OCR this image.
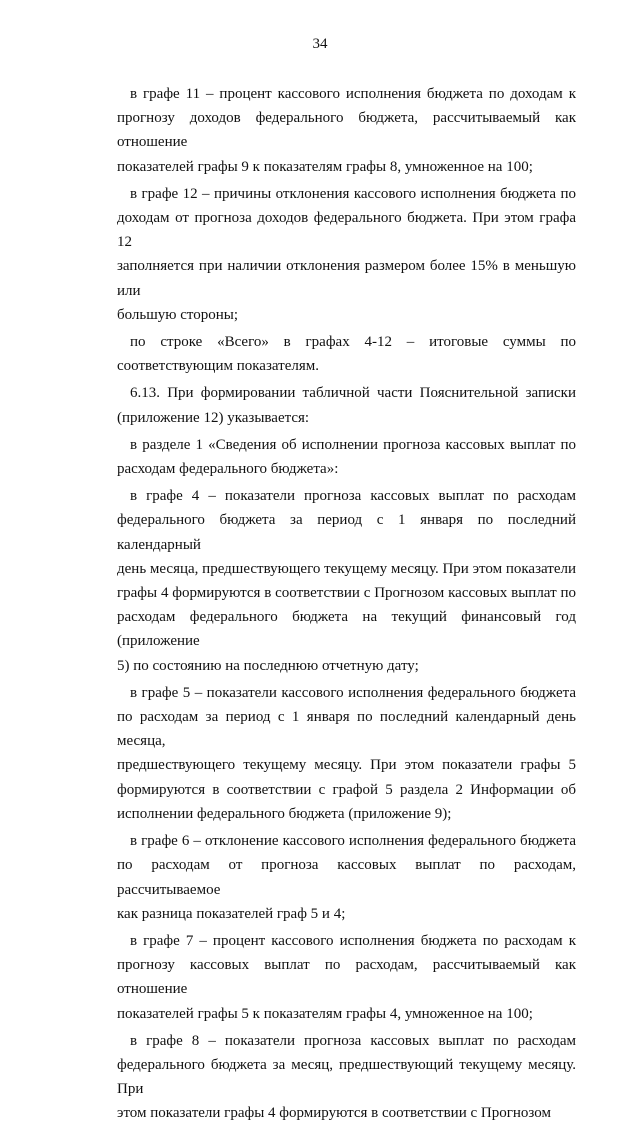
34
в графе 11 – процент кассового исполнения бюджета по доходам к
прогнозу доходов федерального бюджета, рассчитываемый как отношение
показателей графы 9 к показателям графы 8, умноженное на 100;
в графе 12 – причины отклонения кассового исполнения бюджета по
доходам от прогноза доходов федерального бюджета. При этом графа 12
заполняется при наличии отклонения размером более 15% в меньшую или
большую стороны;
по строке «Всего» в графах 4-12 – итоговые суммы по
соответствующим показателям.
6.13. При формировании табличной части Пояснительной записки
(приложение 12) указывается:
в разделе 1 «Сведения об исполнении прогноза кассовых выплат по
расходам федерального бюджета»:
в графе 4 – показатели прогноза кассовых выплат по расходам
федерального бюджета за период с 1 января по последний календарный
день месяца, предшествующего текущему месяцу. При этом показатели
графы 4 формируются в соответствии с Прогнозом кассовых выплат по
расходам федерального бюджета на текущий финансовый год (приложение
5) по состоянию на последнюю отчетную дату;
в графе 5 – показатели кассового исполнения федерального бюджета
по расходам за период с 1 января по последний календарный день месяца,
предшествующего текущему месяцу. При этом показатели графы 5
формируются в соответствии с графой 5 раздела 2 Информации об
исполнении федерального бюджета (приложение 9);
в графе 6 – отклонение кассового исполнения федерального бюджета
по расходам от прогноза кассовых выплат по расходам, рассчитываемое
как разница показателей граф 5 и 4;
в графе 7 – процент кассового исполнения бюджета по расходам к
прогнозу кассовых выплат по расходам, рассчитываемый как отношение
показателей графы 5 к показателям графы 4, умноженное на 100;
в графе 8 – показатели прогноза кассовых выплат по расходам
федерального бюджета за месяц, предшествующий текущему месяцу. При
этом показатели графы 4 формируются в соответствии с Прогнозом
